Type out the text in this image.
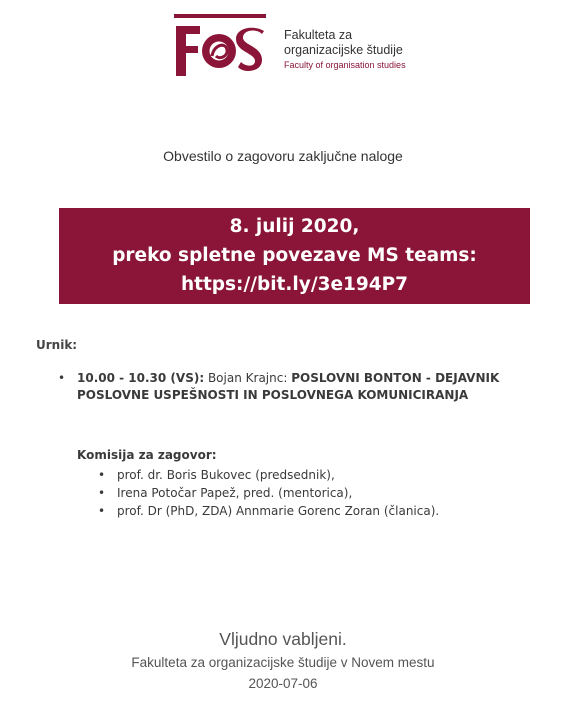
Fakulteta za
organizacijske študije
Faculty of organisation studies
Obvestilo o zagovoru zaključne naloge
8. julij 2020,
preko spletne povezave MS teams:
https://bit.ly/3e194P7
Urnik:
• 10.00 - 10.30 (VS): Bojan Krajnc: POSLOVNI BONTON - DEJAVNIK POSLOVNE USPEŠNOSTI IN POSLOVNEGA KOMUNICIRANJA
Komisija za zagovor:
• prof. dr. Boris Bukovec (predsednik),
• Irena Potočar Papež, pred. (mentorica),
• prof. Dr (PhD, ZDA) Annmarie Gorenc Zoran (članica).
Vljudno vabljeni.
Fakulteta za organizacijske študije v Novem mestu
2020-07-06
